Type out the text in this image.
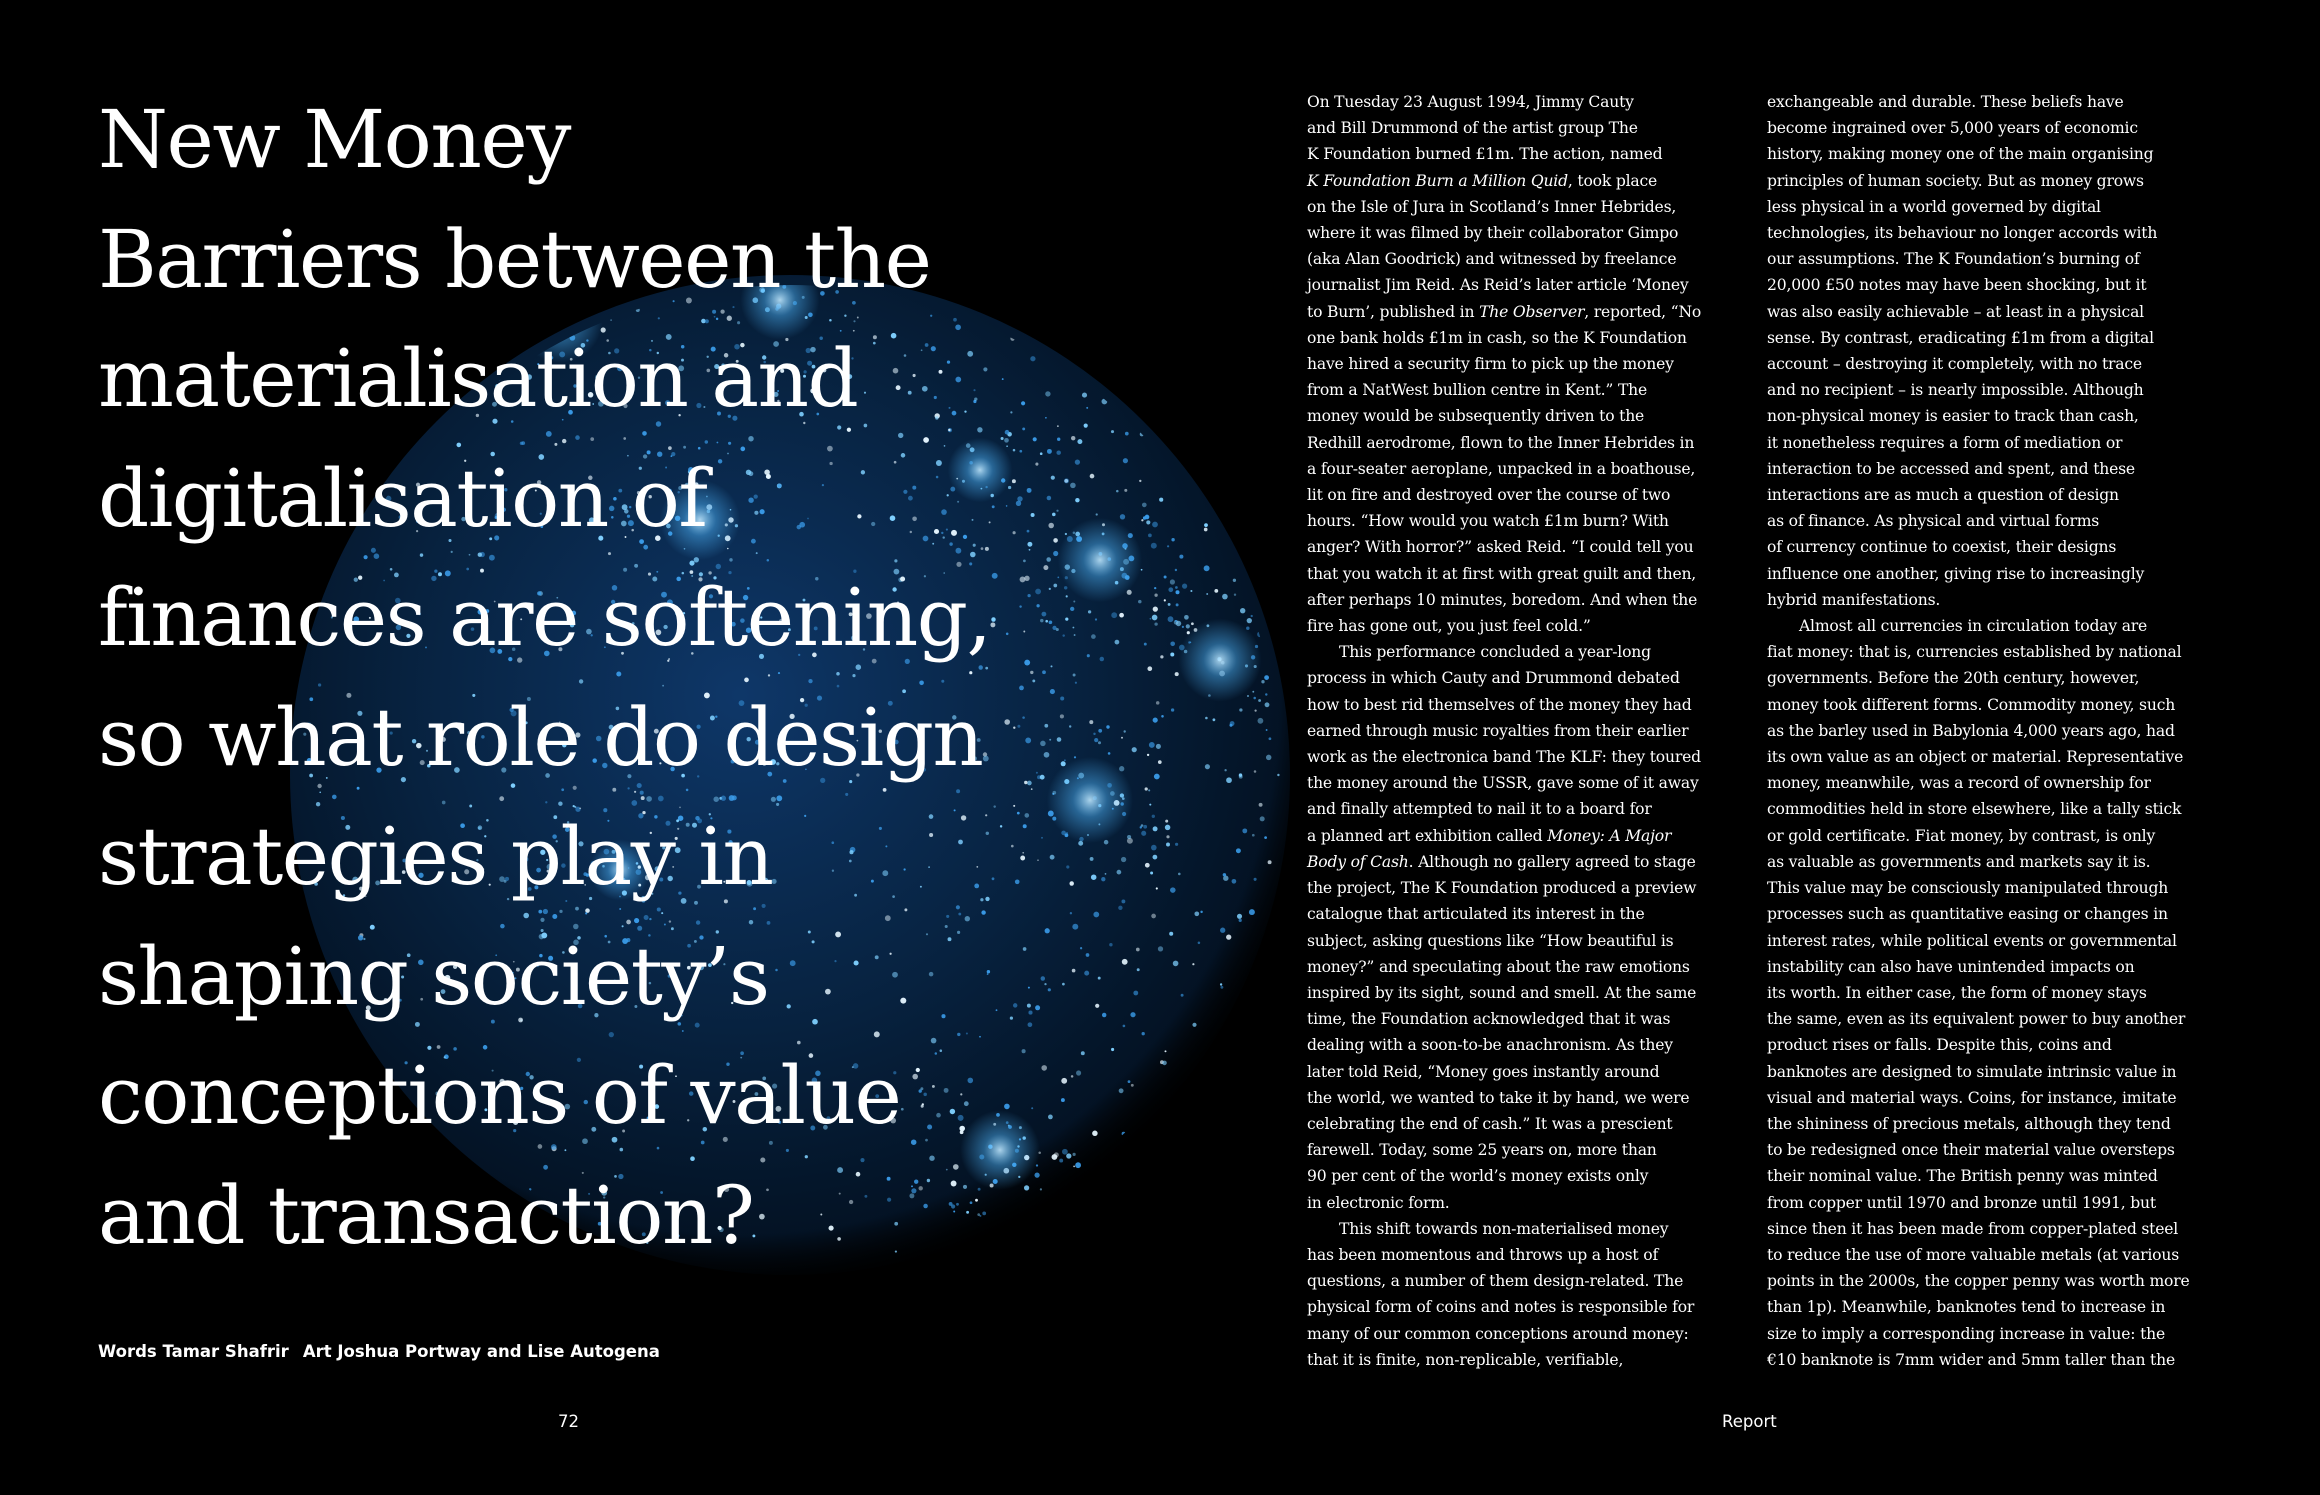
New Money
Barriers between the
materialisation and
digitalisation of
finances are softening,
so what role do design
strategies play in
shaping society’s
conceptions of value
and transaction?
Words Tamar Shafrir Art Joshua Portway and Lise Autogena
On Tuesday 23 August 1994, Jimmy Cauty
and Bill Drummond of the artist group The
K Foundation burned £1m. The action, named
K Foundation Burn a Million Quid, took place
on the Isle of Jura in Scotland’s Inner Hebrides,
where it was filmed by their collaborator Gimpo
(aka Alan Goodrick) and witnessed by freelance
journalist Jim Reid. As Reid’s later article ‘Money
to Burn’, published in The Observer, reported, “No
one bank holds £1m in cash, so the K Foundation
have hired a security firm to pick up the money
from a NatWest bullion centre in Kent.” The
money would be subsequently driven to the
Redhill aerodrome, flown to the Inner Hebrides in
a four-seater aeroplane, unpacked in a boathouse,
lit on fire and destroyed over the course of two
hours. “How would you watch £1m burn? With
anger? With horror?” asked Reid. “I could tell you
that you watch it at first with great guilt and then,
after perhaps 10 minutes, boredom. And when the
fire has gone out, you just feel cold.”
This performance concluded a year-long
process in which Cauty and Drummond debated
how to best rid themselves of the money they had
earned through music royalties from their earlier
work as the electronica band The KLF: they toured
the money around the USSR, gave some of it away
and finally attempted to nail it to a board for
a planned art exhibition called Money: A Major
Body of Cash. Although no gallery agreed to stage
the project, The K Foundation produced a preview
catalogue that articulated its interest in the
subject, asking questions like “How beautiful is
money?” and speculating about the raw emotions
inspired by its sight, sound and smell. At the same
time, the Foundation acknowledged that it was
dealing with a soon-to-be anachronism. As they
later told Reid, “Money goes instantly around
the world, we wanted to take it by hand, we were
celebrating the end of cash.” It was a prescient
farewell. Today, some 25 years on, more than
90 per cent of the world’s money exists only
in electronic form.
This shift towards non-materialised money
has been momentous and throws up a host of
questions, a number of them design-related. The
physical form of coins and notes is responsible for
many of our common conceptions around money:
that it is finite, non-replicable, verifiable,
exchangeable and durable. These beliefs have
become ingrained over 5,000 years of economic
history, making money one of the main organising
principles of human society. But as money grows
less physical in a world governed by digital
technologies, its behaviour no longer accords with
our assumptions. The K Foundation’s burning of
20,000 £50 notes may have been shocking, but it
was also easily achievable – at least in a physical
sense. By contrast, eradicating £1m from a digital
account – destroying it completely, with no trace
and no recipient – is nearly impossible. Although
non-physical money is easier to track than cash,
it nonetheless requires a form of mediation or
interaction to be accessed and spent, and these
interactions are as much a question of design
as of finance. As physical and virtual forms
of currency continue to coexist, their designs
influence one another, giving rise to increasingly
hybrid manifestations.
Almost all currencies in circulation today are
fiat money: that is, currencies established by national
governments. Before the 20th century, however,
money took different forms. Commodity money, such
as the barley used in Babylonia 4,000 years ago, had
its own value as an object or material. Representative
money, meanwhile, was a record of ownership for
commodities held in store elsewhere, like a tally stick
or gold certificate. Fiat money, by contrast, is only
as valuable as governments and markets say it is.
This value may be consciously manipulated through
processes such as quantitative easing or changes in
interest rates, while political events or governmental
instability can also have unintended impacts on
its worth. In either case, the form of money stays
the same, even as its equivalent power to buy another
product rises or falls. Despite this, coins and
banknotes are designed to simulate intrinsic value in
visual and material ways. Coins, for instance, imitate
the shininess of precious metals, although they tend
to be redesigned once their material value oversteps
their nominal value. The British penny was minted
from copper until 1970 and bronze until 1991, but
since then it has been made from copper-plated steel
to reduce the use of more valuable metals (at various
points in the 2000s, the copper penny was worth more
than 1p). Meanwhile, banknotes tend to increase in
size to imply a corresponding increase in value: the
€10 banknote is 7mm wider and 5mm taller than the
72	Report
